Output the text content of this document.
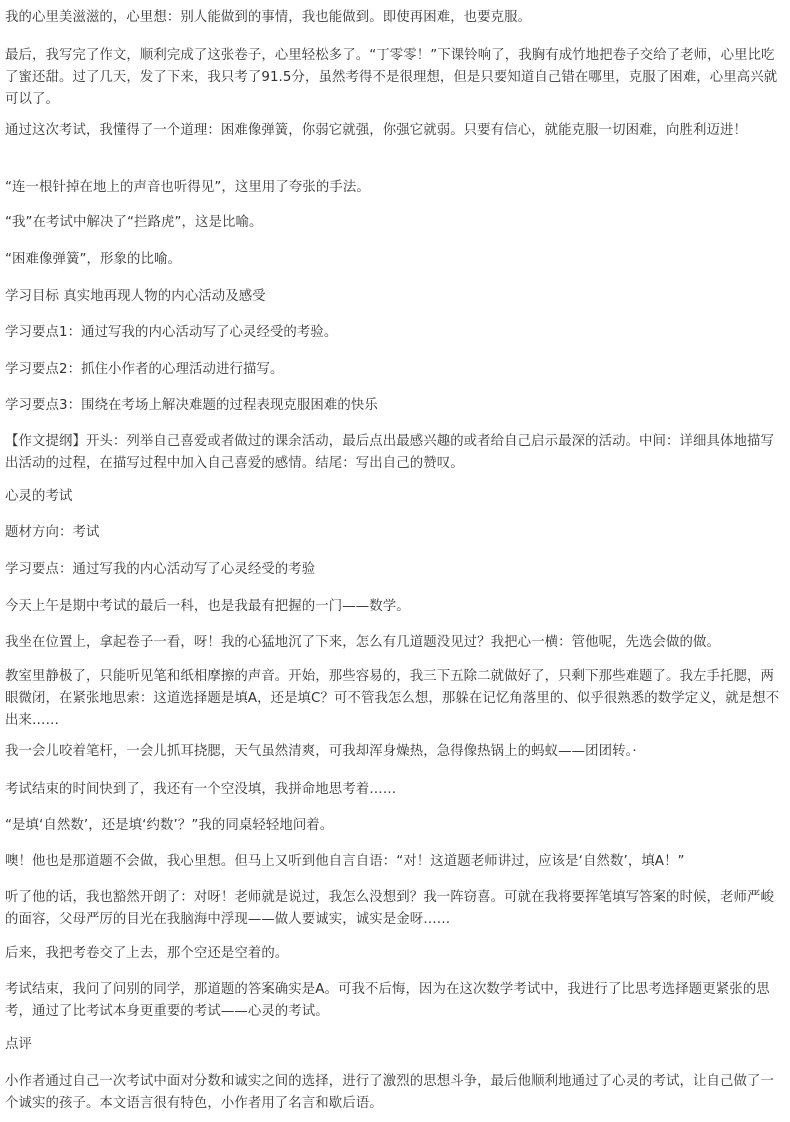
我的心里美滋滋的，心里想：别人能做到的事情，我也能做到。即使再困难，也要克服。

最后，我写完了作文，顺利完成了这张卷子，心里轻松多了。“丁零零！”下课铃响了，我胸有成竹地把卷子交给了老师，心里比吃了蜜还甜。过了几天，发了下来，我只考了91.5分，虽然考得不是很理想，但是只要知道自己错在哪里，克服了困难，心里高兴就可以了。

通过这次考试，我懂得了一个道理：困难像弹簧，你弱它就强，你强它就弱。只要有信心，就能克服一切困难，向胜利迈进！

“连一根针掉在地上的声音也听得见”，这里用了夸张的手法。

“我”在考试中解决了“拦路虎”，这是比喻。

“困难像弹簧”，形象的比喻。

学习目标 真实地再现人物的内心活动及感受

学习要点1：通过写我的内心活动写了心灵经受的考验。

学习要点2：抓住小作者的心理活动进行描写。

学习要点3：围绕在考场上解决难题的过程表现克服困难的快乐

【作文提纲】开头：列举自己喜爱或者做过的课余活动，最后点出最感兴趣的或者给自己启示最深的活动。中间：详细具体地描写出活动的过程，在描写过程中加入自己喜爱的感情。结尾：写出自己的赞叹。

心灵的考试

题材方向：考试

学习要点：通过写我的内心活动写了心灵经受的考验

今天上午是期中考试的最后一科，也是我最有把握的一门——数学。

我坐在位置上，拿起卷子一看，呀！我的心猛地沉了下来，怎么有几道题没见过？我把心一横：管他呢，先选会做的做。

教室里静极了，只能听见笔和纸相摩擦的声音。开始，那些容易的，我三下五除二就做好了，只剩下那些难题了。我左手托腮，两眼微闭，在紧张地思索：这道选择题是填A，还是填C？可不管我怎么想，那躲在记忆角落里的、似乎很熟悉的数学定义，就是想不出来……

我一会儿咬着笔杆，一会儿抓耳挠腮，天气虽然清爽，可我却浑身燥热，急得像热锅上的蚂蚁——团团转。·

考试结束的时间快到了，我还有一个空没填，我拼命地思考着……

“是填‘自然数’，还是填‘约数’？”我的同桌轻轻地问着。

噢！他也是那道题不会做，我心里想。但马上又听到他自言自语：“对！这道题老师讲过，应该是‘自然数’，填A！”

听了他的话，我也豁然开朗了：对呀！老师就是说过，我怎么没想到？我一阵窃喜。可就在我将要挥笔填写答案的时候，老师严峻的面容，父母严厉的目光在我脑海中浮现——做人要诚实，诚实是金呀……

后来，我把考卷交了上去，那个空还是空着的。

考试结束，我问了问别的同学，那道题的答案确实是A。可我不后悔，因为在这次数学考试中，我进行了比思考选择题更紧张的思考，通过了比考试本身更重要的考试——心灵的考试。

点评

小作者通过自己一次考试中面对分数和诚实之间的选择，进行了激烈的思想斗争，最后他顺利地通过了心灵的考试，让自己做了一个诚实的孩子。本文语言很有特色，小作者用了名言和歇后语。
